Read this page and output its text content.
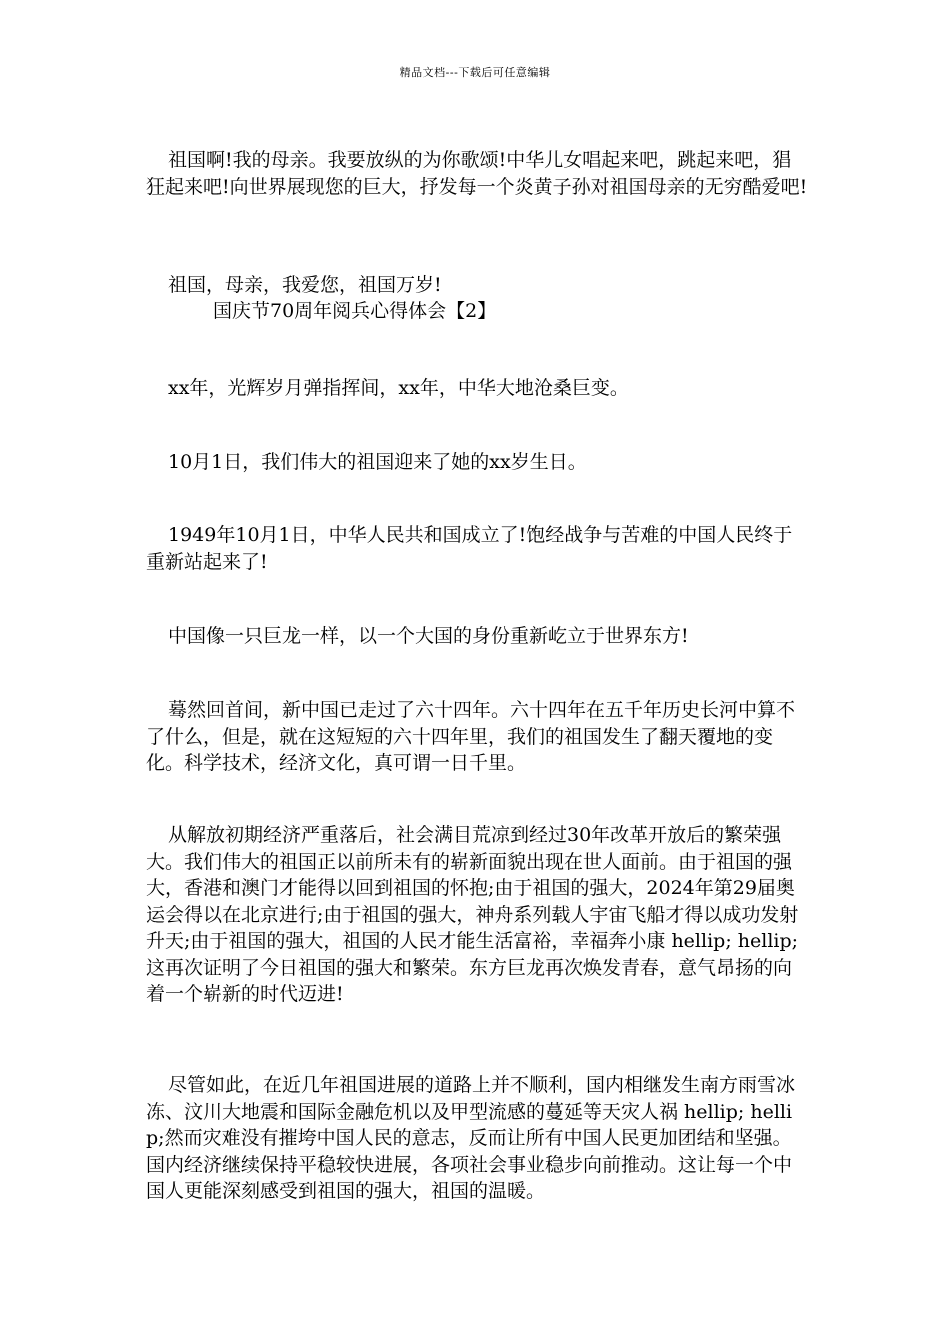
精品文档---下载后可任意编辑

祖国啊!我的母亲。我要放纵的为你歌颂!中华儿女唱起来吧，跳起来吧，猖狂起来吧!向世界展现您的巨大，抒发每一个炎黄子孙对祖国母亲的无穷酷爱吧!

祖国，母亲，我爱您，祖国万岁!

国庆节70周年阅兵心得体会【2】

xx年，光辉岁月弹指挥间，xx年，中华大地沧桑巨变。

10月1日，我们伟大的祖国迎来了她的xx岁生日。

1949年10月1日，中华人民共和国成立了!饱经战争与苦难的中国人民终于重新站起来了!

中国像一只巨龙一样，以一个大国的身份重新屹立于世界东方!

蓦然回首间，新中国已走过了六十四年。六十四年在五千年历史长河中算不了什么，但是，就在这短短的六十四年里，我们的祖国发生了翻天覆地的变化。科学技术，经济文化，真可谓一日千里。

从解放初期经济严重落后，社会满目荒凉到经过30年改革开放后的繁荣强大。我们伟大的祖国正以前所未有的崭新面貌出现在世人面前。由于祖国的强大，香港和澳门才能得以回到祖国的怀抱;由于祖国的强大，2024年第29届奥运会得以在北京进行;由于祖国的强大，神舟系列载人宇宙飞船才得以成功发射升天;由于祖国的强大，祖国的人民才能生活富裕，幸福奔小康 hellip; hellip;这再次证明了今日祖国的强大和繁荣。东方巨龙再次焕发青春，意气昂扬的向着一个崭新的时代迈进!

尽管如此，在近几年祖国进展的道路上并不顺利，国内相继发生南方雨雪冰冻、汶川大地震和国际金融危机以及甲型流感的蔓延等天灾人祸 hellip; hellip;然而灾难没有摧垮中国人民的意志，反而让所有中国人民更加团结和坚强。国内经济继续保持平稳较快进展，各项社会事业稳步向前推动。这让每一个中国人更能深刻感受到祖国的强大，祖国的温暖。
